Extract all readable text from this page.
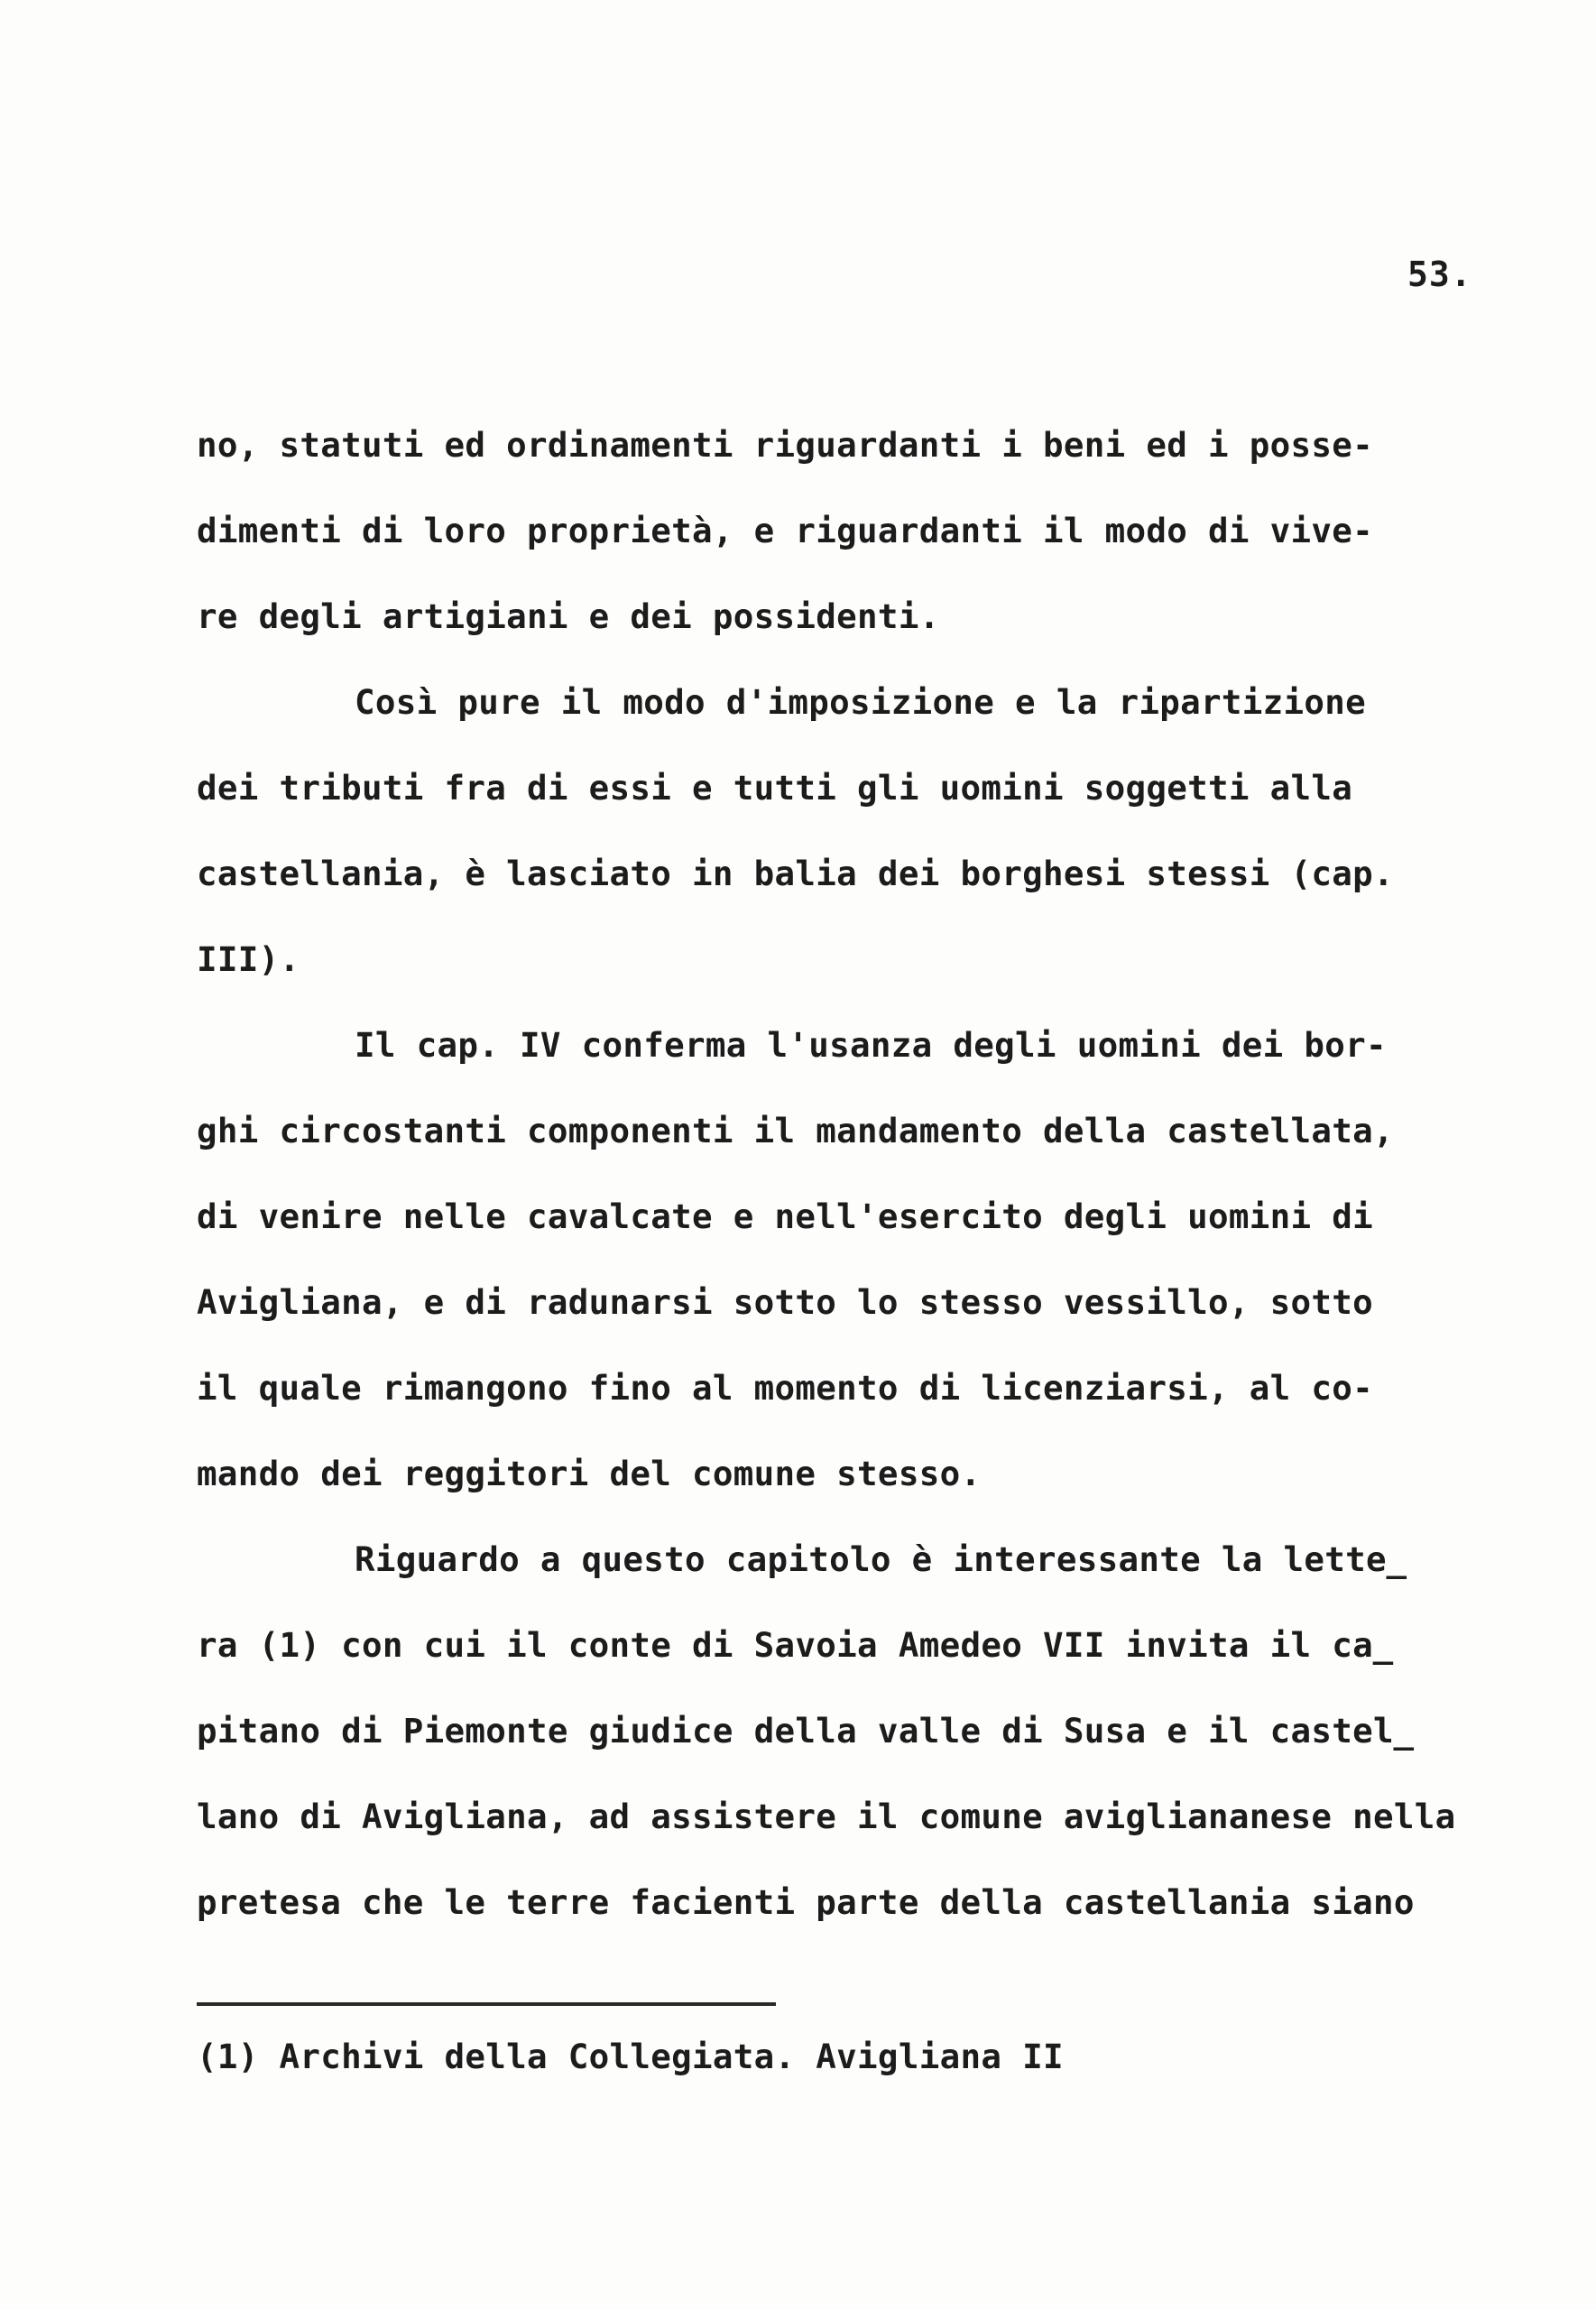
53.
no, statuti ed ordinamenti riguardanti i beni ed i posse-
dimenti di loro proprietà, e riguardanti il modo di vive-
re degli artigiani e dei possidenti.
Così pure il modo d'imposizione e la ripartizione
dei tributi fra di essi e tutti gli uomini soggetti alla
castellania, è lasciato in balia dei borghesi stessi (cap.
III).
Il cap. IV conferma l'usanza degli uomini dei bor-
ghi circostanti componenti il mandamento della castellata,
di venire nelle cavalcate e nell'esercito degli uomini di
Avigliana, e di radunarsi sotto lo stesso vessillo, sotto
il quale rimangono fino al momento di licenziarsi, al co-
mando dei reggitori del comune stesso.
Riguardo a questo capitolo è interessante la lette̲
ra (1) con cui il conte di Savoia Amedeo VII invita il ca̲
pitano di Piemonte giudice della valle di Susa e il castel̲
lano di Avigliana, ad assistere il comune avigliananese nella
pretesa che le terre facienti parte della castellania siano
(1) Archivi della Collegiata. Avigliana II
